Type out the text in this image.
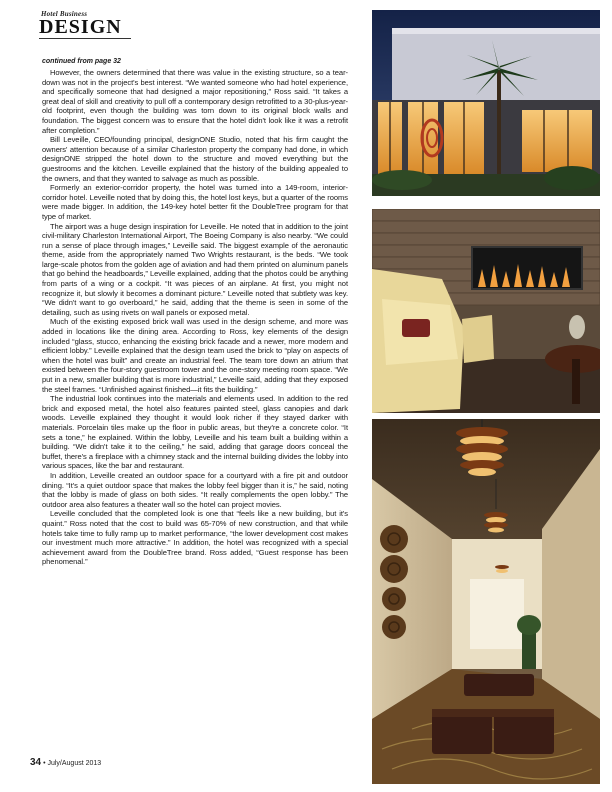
Hotel Business
DESIGN
continued from page 32

However, the owners determined that there was value in the existing structure, so a tear-down was not in the project's best interest. “We wanted someone who had hotel experience, and specifically someone that had designed a major repositioning,” Ross said. “It takes a great deal of skill and creativity to pull off a contemporary design retrofitted to a 30-plus-year-old footprint, even though the building was torn down to its original block walls and foundation. The biggest concern was to ensure that the hotel didn't look like it was a retrofit after completion.”

Bill Leveille, CEO/founding principal, designONE Studio, noted that his firm caught the owners' attention because of a similar Charleston property the company had done, in which designONE stripped the hotel down to the structure and moved everything but the guestrooms and the kitchen. Leveille explained that the history of the building appealed to the owners, and that they wanted to salvage as much as possible.

Formerly an exterior-corridor property, the hotel was turned into a 149-room, interior-corridor hotel. Leveille noted that by doing this, the hotel lost keys, but a quarter of the rooms were made bigger. In addition, the 149-key hotel better fit the DoubleTree program for that type of market.

The airport was a huge design inspiration for Leveille. He noted that in addition to the joint civil-military Charleston International Airport, The Boeing Company is also nearby. “We could run a sense of place through images,” Leveille said. The biggest example of the aeronautic theme, aside from the appropriately named Two Wrights restaurant, is the beds. “We took large-scale photos from the golden age of aviation and had them printed on aluminum panels that go behind the headboards,” Leveille explained, adding that the photos could be anything from parts of a wing or a cockpit. “It was pieces of an airplane. At first, you might not recognize it, but slowly it becomes a dominant picture.” Leveille noted that subtlety was key. “We didn't want to go overboard,” he said, adding that the theme is seen in some of the detailing, such as using rivets on wall panels or exposed metal.

Much of the existing exposed brick wall was used in the design scheme, and more was added in locations like the dining area. According to Ross, key elements of the design included “glass, stucco, enhancing the existing brick facade and a newer, more modern and efficient lobby.” Leveille explained that the design team used the brick to “play on aspects of when the hotel was built” and create an industrial feel. The team tore down an atrium that existed between the four-story guestroom tower and the one-story meeting room space. “We put in a new, smaller building that is more industrial,” Leveille said, adding that they exposed the steel frames. “Unfinished against finished—it fits the building.”

The industrial look continues into the materials and elements used. In addition to the red brick and exposed metal, the hotel also features painted steel, glass canopies and dark woods. Leveille explained they thought it would look richer if they stayed darker with materials. Porcelain tiles make up the floor in public areas, but they're a concrete color. “It sets a tone,” he explained. Within the lobby, Leveille and his team built a building within a building. “We didn't take it to the ceiling,” he said, adding that garage doors conceal the buffet, there's a fireplace with a chimney stack and the internal building divides the lobby into various spaces, like the bar and restaurant.

In addition, Leveille created an outdoor space for a courtyard with a fire pit and outdoor dining. “It's a quiet outdoor space that makes the lobby feel bigger than it is,” he said, noting that the lobby is made of glass on both sides. “It really complements the open lobby.” The outdoor area also features a theater wall so the hotel can project movies.

Leveille concluded that the completed look is one that “feels like a new building, but it's quaint.” Ross noted that the cost to build was 65-70% of new construction, and that while hotels take time to fully ramp up to market performance, “the lower development cost makes our investment much more attractive.” In addition, the hotel was recognized with a special achievement award from the DoubleTree brand. Ross added, “Guest response has been phenomenal.”

34 • July/August 2013
